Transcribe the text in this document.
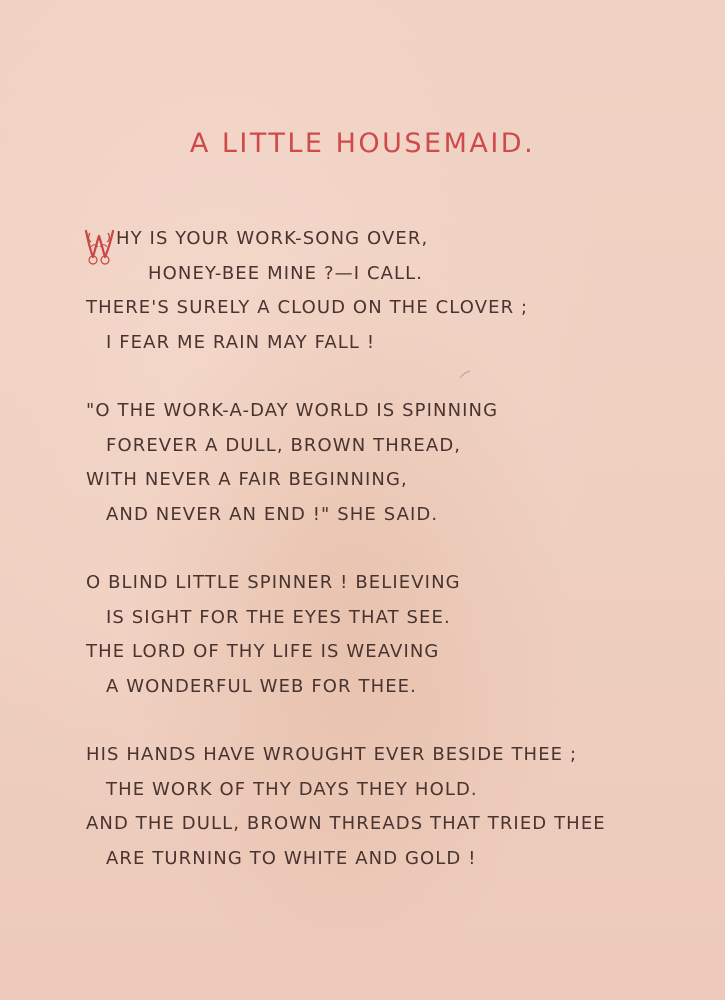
A LITTLE HOUSEMAID.
HY IS YOUR WORK-SONG OVER,
HONEY-BEE MINE ?—I CALL.
THERE'S SURELY A CLOUD ON THE CLOVER ;
I FEAR ME RAIN MAY FALL !
"O THE WORK-A-DAY WORLD IS SPINNING
FOREVER A DULL, BROWN THREAD,
WITH NEVER A FAIR BEGINNING,
AND NEVER AN END !" SHE SAID.
O BLIND LITTLE SPINNER ! BELIEVING
IS SIGHT FOR THE EYES THAT SEE.
THE LORD OF THY LIFE IS WEAVING
A WONDERFUL WEB FOR THEE.
HIS HANDS HAVE WROUGHT EVER BESIDE THEE ;
THE WORK OF THY DAYS THEY HOLD.
AND THE DULL, BROWN THREADS THAT TRIED THEE
ARE TURNING TO WHITE AND GOLD !
